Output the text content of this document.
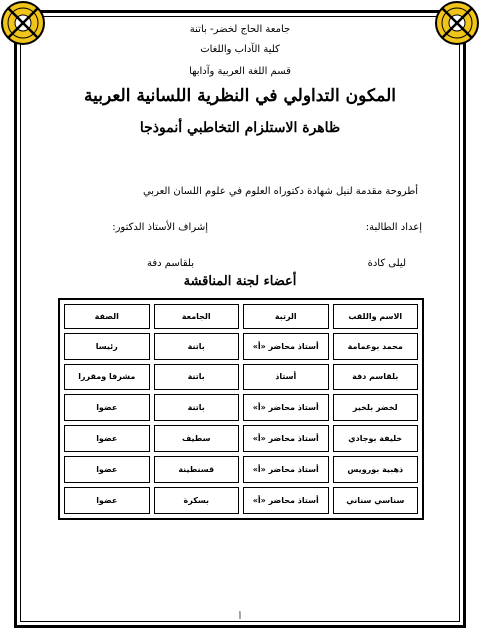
جامعة الحاج لخضر- باتنة
كلية الآداب واللغات
قسم اللغة العربية وآدابها
المكون التداولي في النظرية اللسانية العربية
ظاهرة الاستلزام التخاطبي أنموذجا
أطروحة مقدمة لنيل شهادة دكتوراه العلوم في علوم اللسان العربي
إعداد الطالبة:
إشراف الأستاذ الدكتور:
ليلى كادة
بلقاسم دفة
أعضاء لجنة المناقشة
الاسم واللقب	الرتبة	الجامعة	الصفة
محمد بوعمامة	أستاذ محاضر «أ»	باتنة	رئيسا
بلقاسم دفة	أستاذ	باتنة	مشرفا ومقررا
لخضر بلخير	أستاذ محاضر «أ»	باتنة	عضوا
خليفة بوجادي	أستاذ محاضر «أ»	سطيف	عضوا
ذهبية بورويس	أستاذ محاضر «أ»	قسنطينة	عضوا
سناسي سناني	أستاذ محاضر «أ»	بسكرة	عضوا
أ
